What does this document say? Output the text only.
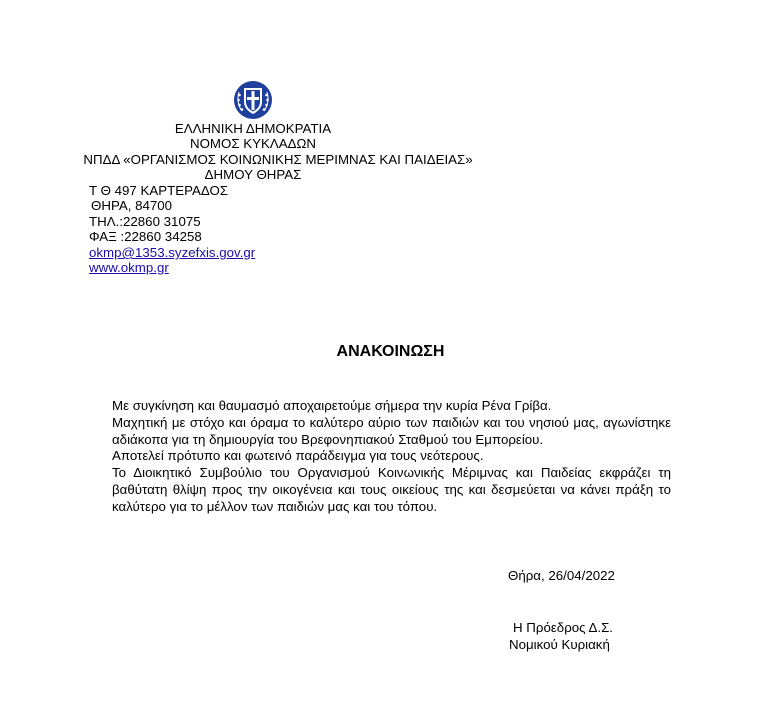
ΕΛΛΗΝΙΚΗ ΔΗΜΟΚΡΑΤΙΑ
ΝΟΜΟΣ ΚΥΚΛΑΔΩΝ
ΝΠΔΔ «ΟΡΓΑΝΙΣΜΟΣ ΚΟΙΝΩΝΙΚΗΣ ΜΕΡΙΜΝΑΣ ΚΑΙ ΠΑΙΔΕΙΑΣ»
ΔΗΜΟΥ ΘΗΡΑΣ
Τ Θ 497 ΚΑΡΤΕΡΑΔΟΣ
ΘΗΡΑ, 84700
ΤΗΛ.:22860 31075
ΦΑΞ :22860 34258
okmp@1353.syzefxis.gov.gr
www.okmp.gr
ΑΝΑΚΟΙΝΩΣΗ

Με συγκίνηση και θαυμασμό αποχαιρετούμε σήμερα την κυρία Ρένα Γρίβα.

Μαχητική με στόχο και όραμα το καλύτερο αύριο των παιδιών και του νησιού μας, αγωνίστηκε αδιάκοπα για τη δημιουργία του Βρεφονηπιακού Σταθμού του Εμπορείου.

Αποτελεί πρότυπο και φωτεινό παράδειγμα για τους νεότερους.

Το Διοικητικό Συμβούλιο του Οργανισμού Κοινωνικής Μέριμνας και Παιδείας εκφράζει τη βαθύτατη θλίψη προς την οικογένεια και τους οικείους της και δεσμεύεται να κάνει πράξη το καλύτερο για το μέλλον των παιδιών μας και του τόπου.

Θήρα, 26/04/2022
Η Πρόεδρος Δ.Σ.
Νομικού Κυριακή
